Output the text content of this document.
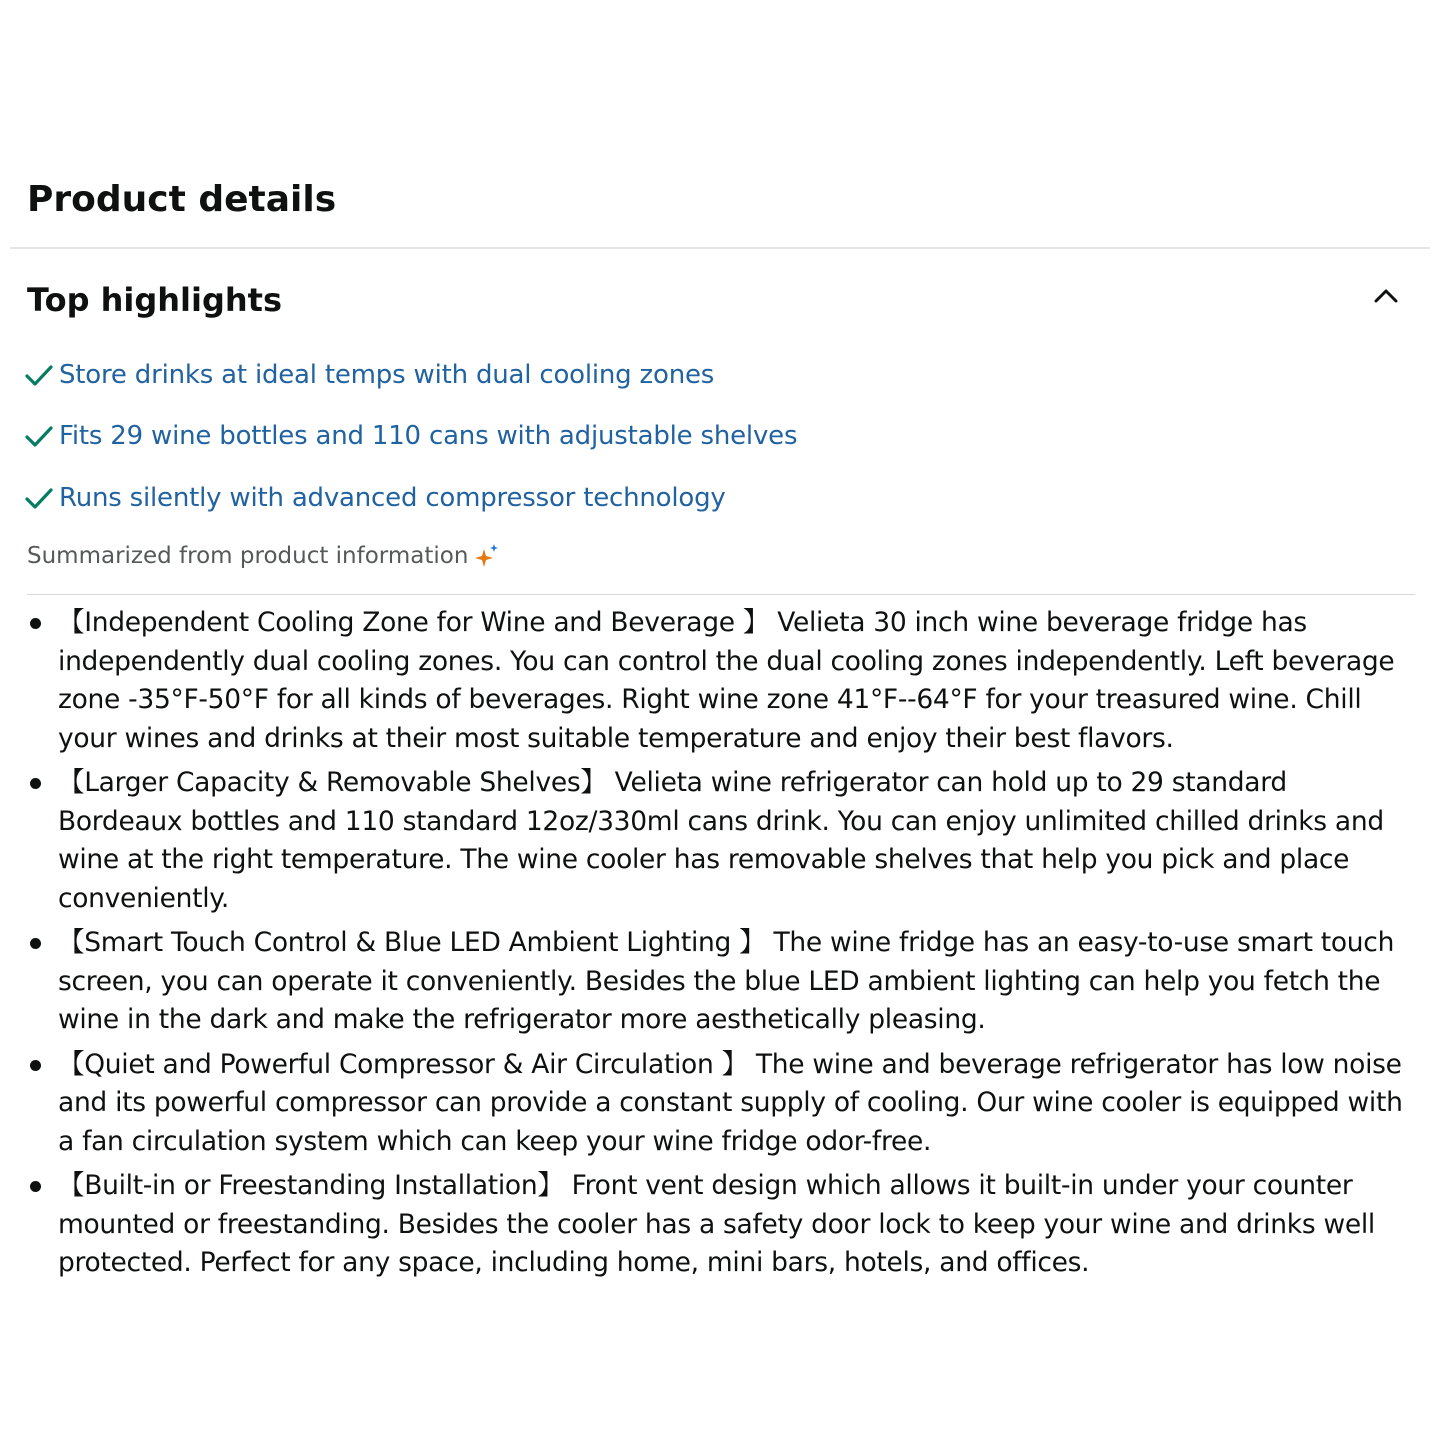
Product details
Top highlights
Store drinks at ideal temps with dual cooling zones
Fits 29 wine bottles and 110 cans with adjustable shelves
Runs silently with advanced compressor technology
Summarized from product information
【Independent Cooling Zone for Wine and Beverage 】 Velieta 30 inch wine beverage fridge has independently dual cooling zones. You can control the dual cooling zones independently. Left beverage zone -35°F-50°F for all kinds of beverages. Right wine zone 41°F--64°F for your treasured wine. Chill your wines and drinks at their most suitable temperature and enjoy their best flavors.
【Larger Capacity & Removable Shelves】 Velieta wine refrigerator can hold up to 29 standard Bordeaux bottles and 110 standard 12oz/330ml cans drink. You can enjoy unlimited chilled drinks and wine at the right temperature. The wine cooler has removable shelves that help you pick and place conveniently.
【Smart Touch Control & Blue LED Ambient Lighting 】 The wine fridge has an easy-to-use smart touch screen, you can operate it conveniently. Besides the blue LED ambient lighting can help you fetch the wine in the dark and make the refrigerator more aesthetically pleasing.
【Quiet and Powerful Compressor & Air Circulation 】 The wine and beverage refrigerator has low noise and its powerful compressor can provide a constant supply of cooling. Our wine cooler is equipped with a fan circulation system which can keep your wine fridge odor-free.
【Built-in or Freestanding Installation】 Front vent design which allows it built-in under your counter mounted or freestanding. Besides the cooler has a safety door lock to keep your wine and drinks well protected. Perfect for any space, including home, mini bars, hotels, and offices.
